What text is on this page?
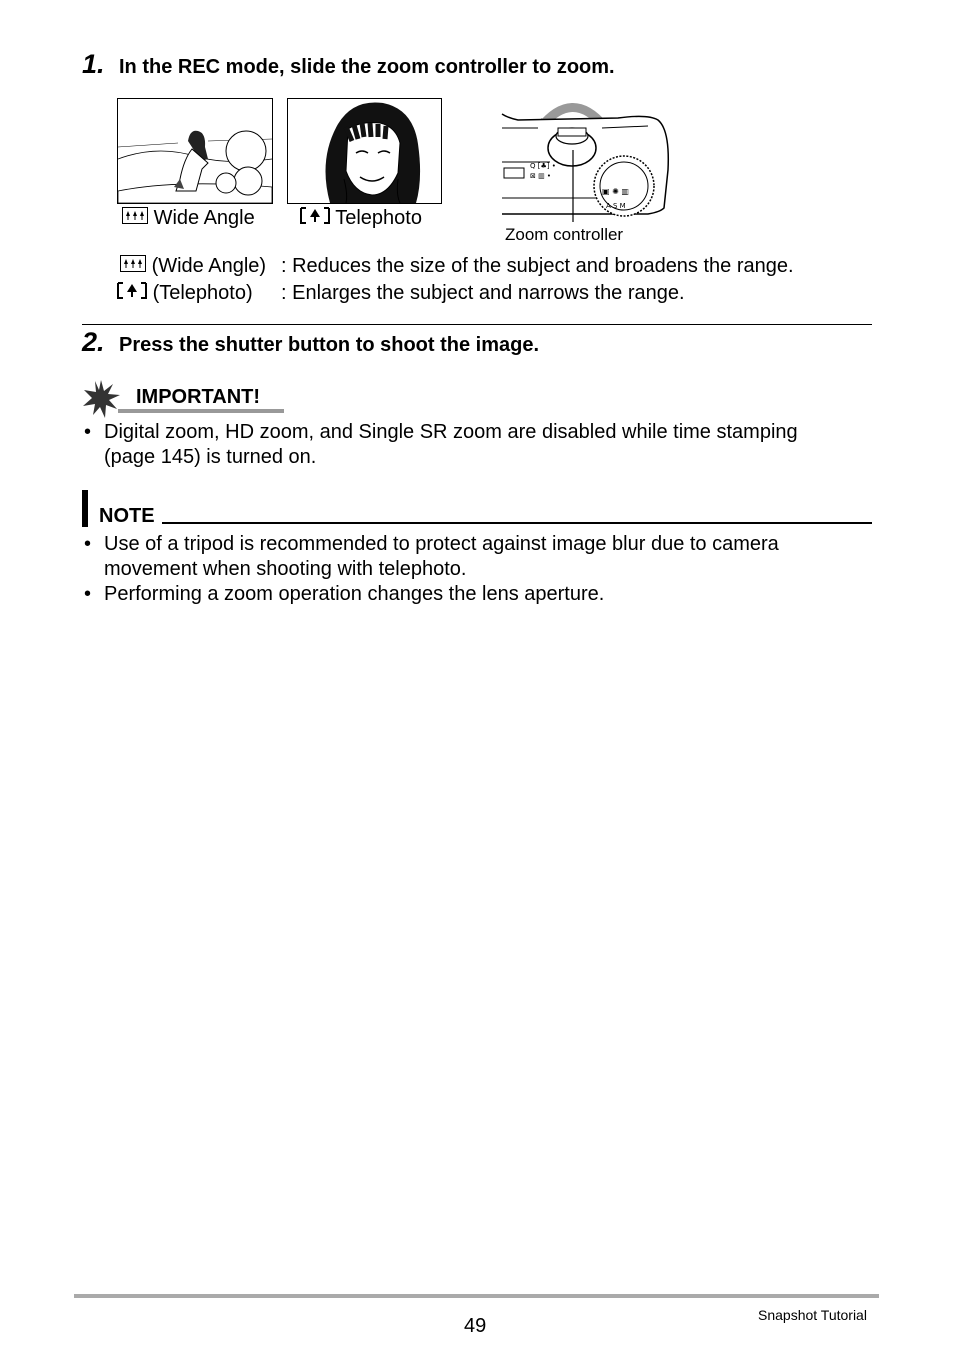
1. In the REC mode, slide the zoom controller to zoom.
Wide Angle	Telephoto
Q [♣] •
⊠ ▥ •
▣ ✺ ▥
A S M
Zoom controller
(Wide Angle) : Reduces the size of the subject and broadens the range.
(Telephoto) : Enlarges the subject and narrows the range.
2. Press the shutter button to shoot the image.
IMPORTANT!
• Digital zoom, HD zoom, and Single SR zoom are disabled while time stamping (page 145) is turned on.
NOTE
• Use of a tripod is recommended to protect against image blur due to camera movement when shooting with telephoto.
• Performing a zoom operation changes the lens aperture.
49	Snapshot Tutorial
